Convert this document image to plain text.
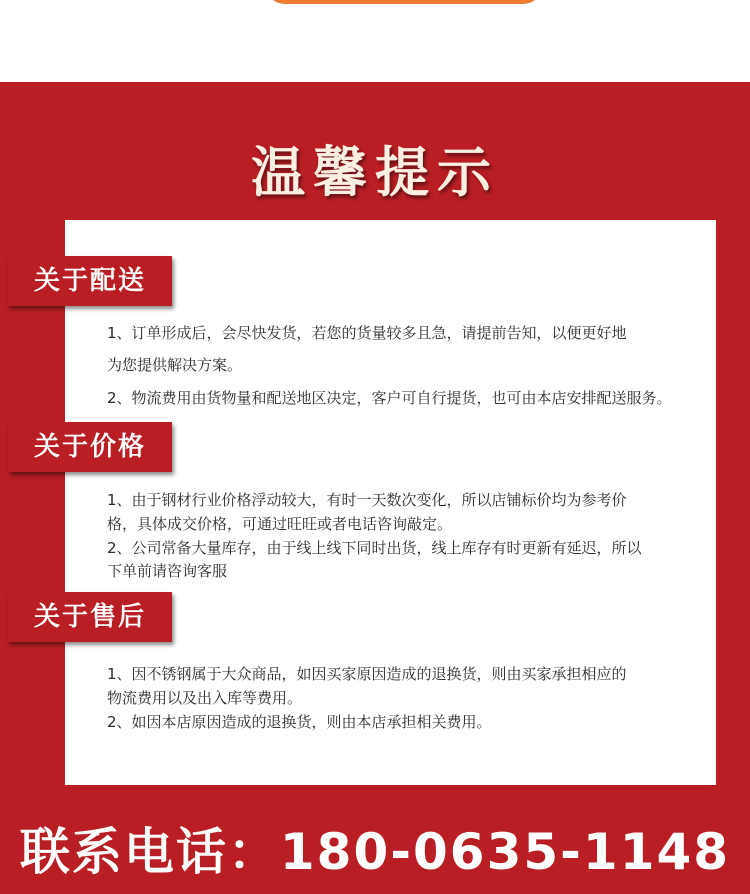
温馨提示
关于配送
1、订单形成后，会尽快发货，若您的货量较多且急，请提前告知，以便更好地
为您提供解决方案。
2、物流费用由货物量和配送地区决定，客户可自行提货，也可由本店安排配送服务。
关于价格
1、由于钢材行业价格浮动较大，有时一天数次变化，所以店铺标价均为参考价
格，具体成交价格，可通过旺旺或者电话咨询敲定。
2、公司常备大量库存，由于线上线下同时出货，线上库存有时更新有延迟，所以
下单前请咨询客服
关于售后
1、因不锈钢属于大众商品，如因买家原因造成的退换货，则由买家承担相应的
物流费用以及出入库等费用。
2、如因本店原因造成的退换货，则由本店承担相关费用。
联系电话：180-0635-1148
